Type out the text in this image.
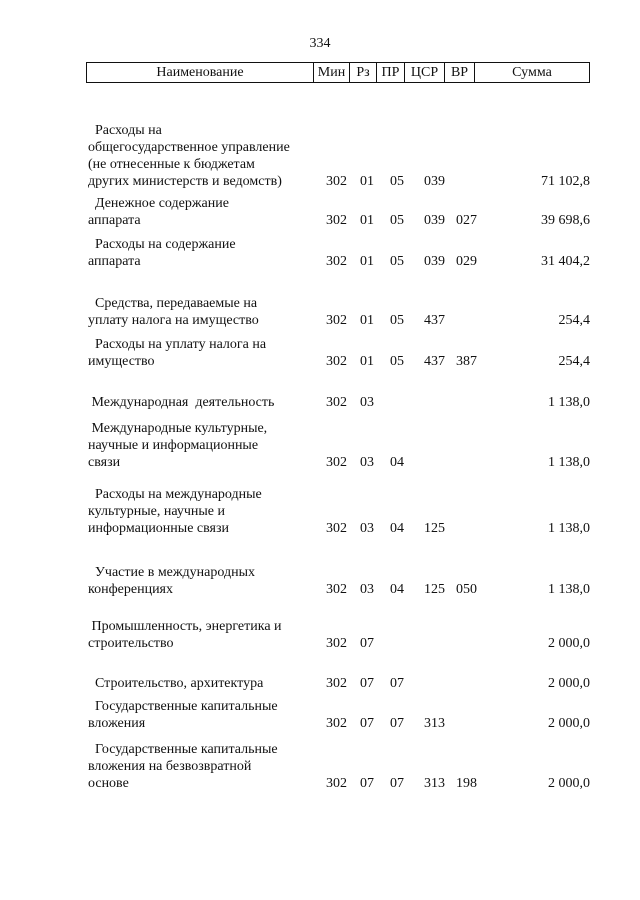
334
Наименование	Мин Рз ПР ЦСР ВР	Сумма
Расходы на
общегосударственное управление
(не отнесенные к бюджетам
других министерств и ведомств)	302 01 05 039	71 102,8
Денежное содержание
аппарата	302 01 05 039 027	39 698,6
Расходы на содержание
аппарата	302 01 05 039 029	31 404,2
Средства, передаваемые на
уплату налога на имущество	302 01 05 437	254,4
Расходы на уплату налога на
имущество	302 01 05 437 387	254,4
Международная  деятельность	302 03	1 138,0
Международные культурные,
научные и информационные
связи	302 03 04	1 138,0
Расходы на международные
культурные, научные и
информационные связи	302 03 04 125	1 138,0
Участие в международных
конференциях	302 03 04 125 050	1 138,0
Промышленность, энергетика и
строительство	302 07	2 000,0
Строительство, архитектура	302 07 07	2 000,0
Государственные капитальные
вложения	302 07 07 313	2 000,0
Государственные капитальные
вложения на безвозвратной
основе	302 07 07 313 198	2 000,0
